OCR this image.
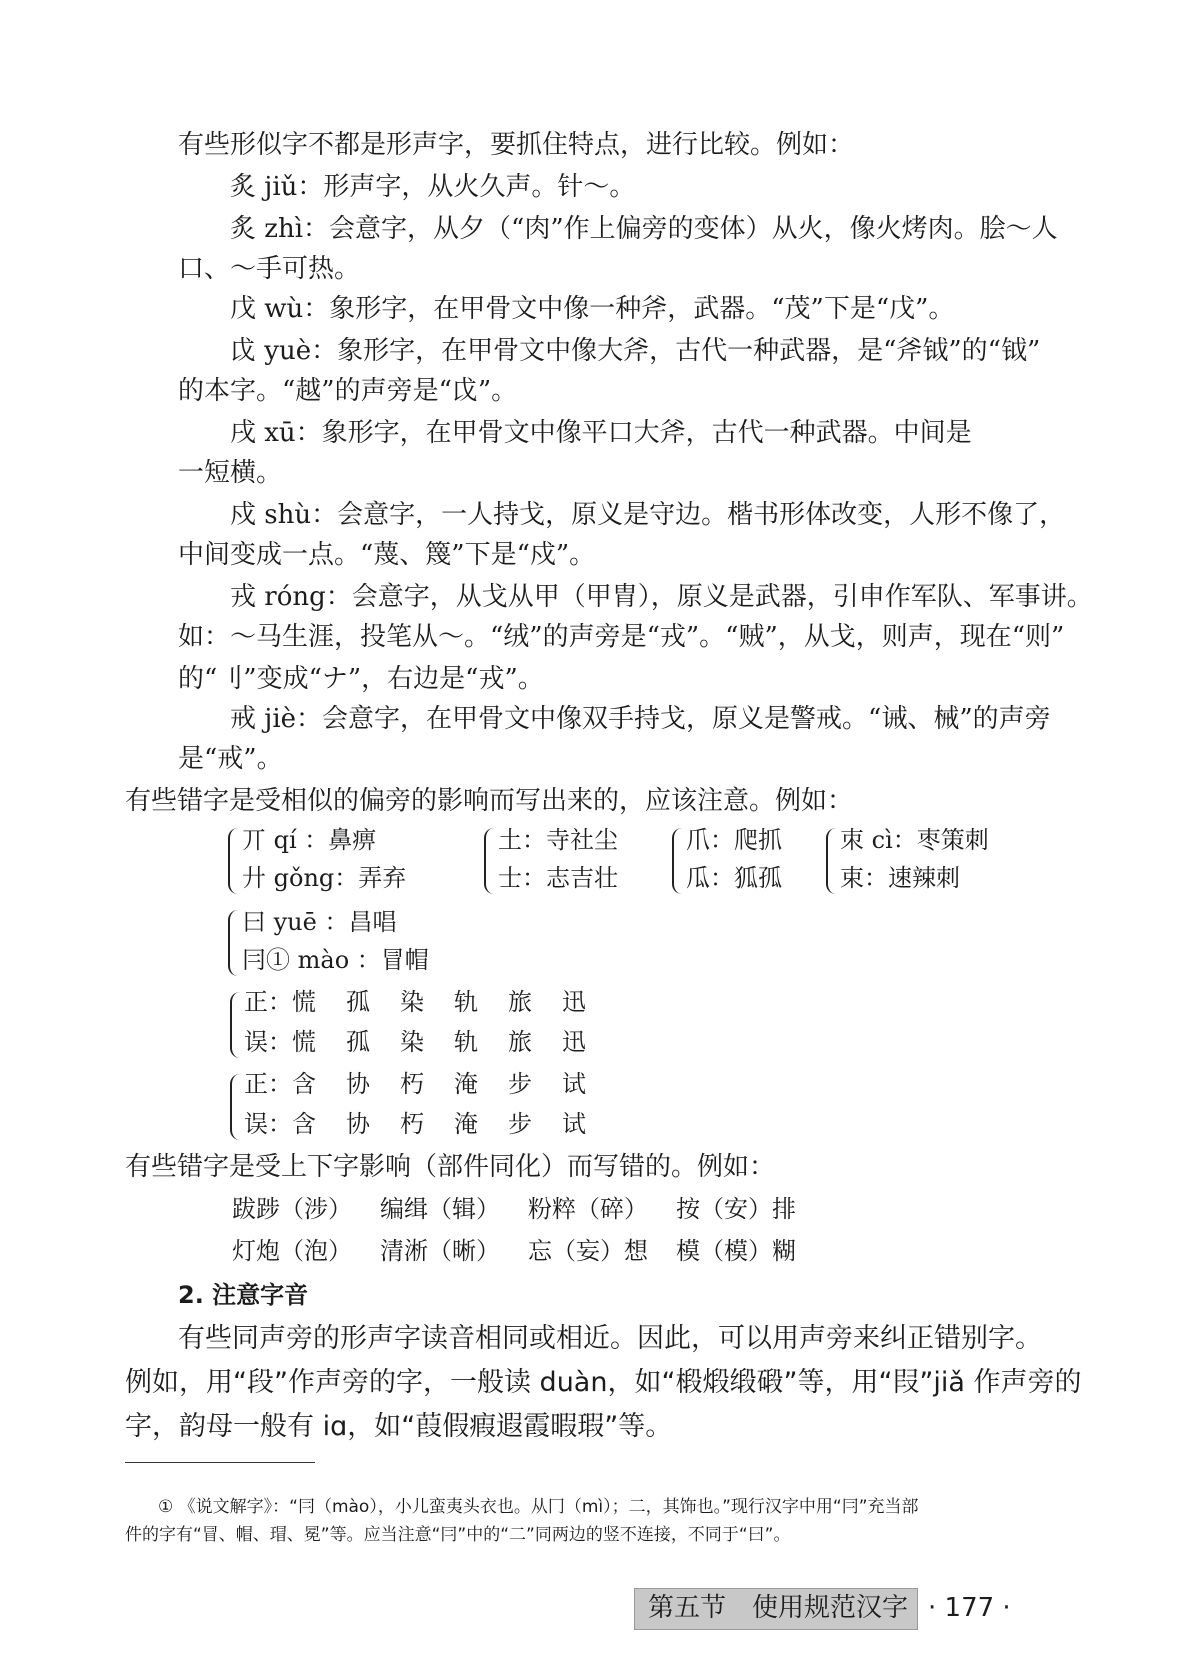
有些形似字不都是形声字，要抓住特点，进行比较。例如：
炙 jiǔ：形声字，从火久声。针～。
炙 zhì：会意字，从夕（“肉”作上偏旁的变体）从火，像火烤肉。脍～人
口、～手可热。
戊 wù：象形字，在甲骨文中像一种斧，武器。“茂”下是“戊”。
戉 yuè：象形字，在甲骨文中像大斧，古代一种武器，是“斧钺”的“钺”
的本字。“越”的声旁是“戉”。
戌 xū：象形字，在甲骨文中像平口大斧，古代一种武器。中间是
一短横。
戍 shù：会意字，一人持戈，原义是守边。楷书形体改变，人形不像了，
中间变成一点。“蔑、篾”下是“戍”。
戎 róng：会意字，从戈从甲（甲胄），原义是武器，引申作军队、军事讲。
如：～马生涯，投笔从～。“绒”的声旁是“戎”。“贼”，从戈，则声，现在“则”
的“刂”变成“ナ”，右边是“戎”。
戒 jiè：会意字，在甲骨文中像双手持戈，原义是警戒。“诫、械”的声旁
是“戒”。
有些错字是受相似的偏旁的影响而写出来的，应该注意。例如：
丌 qí ：鼻痹
廾 gǒng：弄弃
土：寺社尘
士：志吉壮
爪：爬抓
瓜：狐孤
朿 cì：枣策刺
束：速辣刺
曰 yuē ：昌唱
冃① mào ：冒帽
正：慌 孤 染 轨 旅 迅
误：慌 孤 染 轨 旅 迅
正：含 协 朽 淹 步 试
误：含 协 朽 淹 步 试
有些错字是受上下字影响（部件同化）而写错的。例如：
跋踄（涉） 编缉（辑） 粉粹（碎） 按（安）排
灯炮（泡） 清淅（晰） 忘（妄）想 模（模）糊
2. 注意字音
有些同声旁的形声字读音相同或相近。因此，可以用声旁来纠正错别字。
例如，用“段”作声旁的字，一般读 duàn，如“椴煅缎碫”等，用“叚”jiǎ 作声旁的
字，韵母一般有 iɑ，如“葭假瘕遐霞暇瑕”等。
① 《说文解字》：“冃（mào），小儿蛮夷头衣也。从冂（mì）；二，其饰也。”现行汉字中用“冃”充当部
件的字有“冒、帽、瑁、冕”等。应当注意“冃”中的“二”同两边的竖不连接，不同于“曰”。
第五节　使用规范汉字 · 177 ·
